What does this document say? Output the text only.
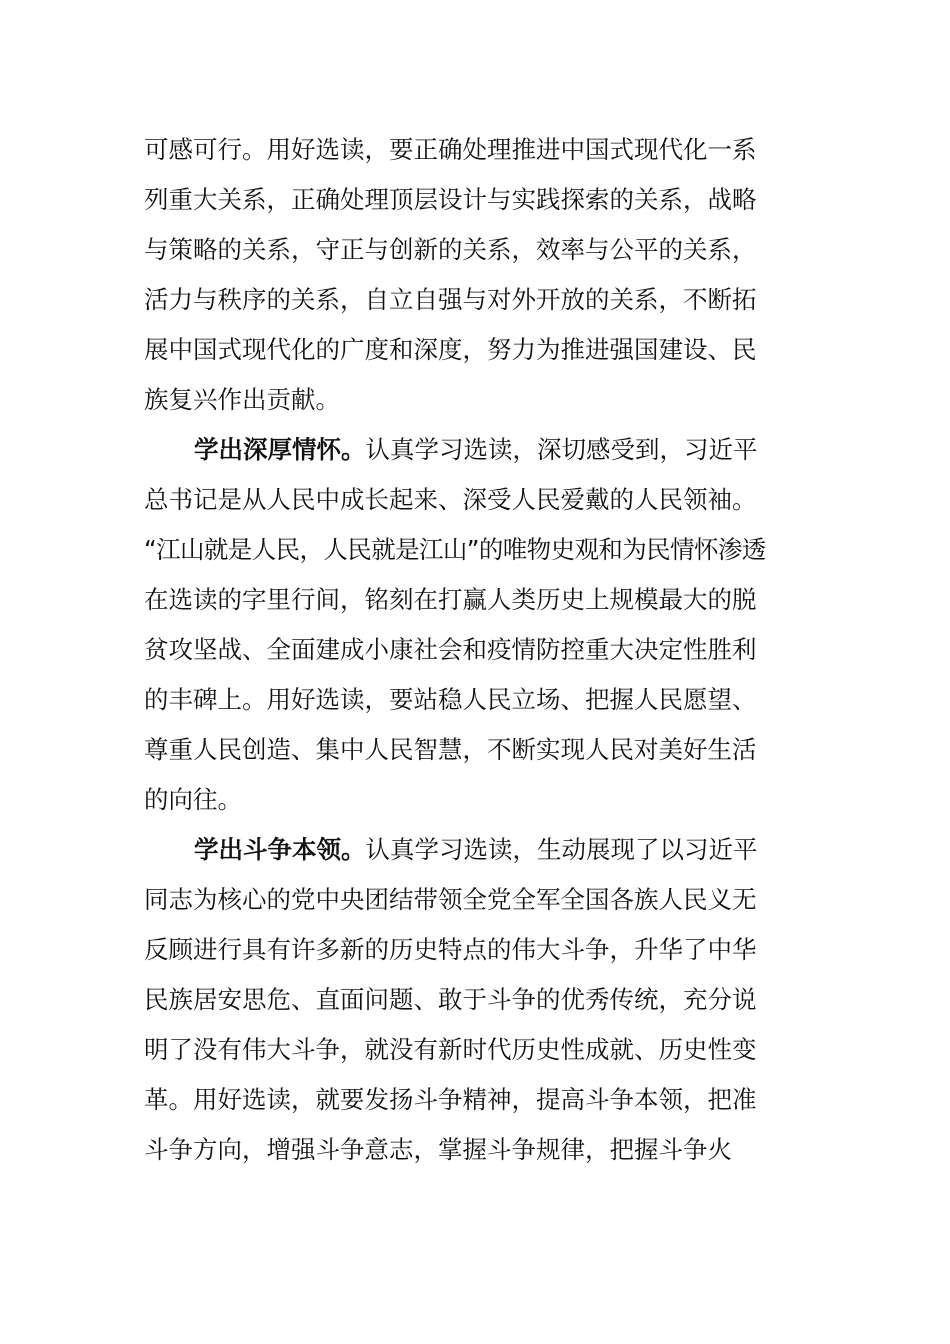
可感可行。用好选读，要正确处理推进中国式现代化一系
列重大关系，正确处理顶层设计与实践探索的关系，战略
与策略的关系，守正与创新的关系，效率与公平的关系，
活力与秩序的关系，自立自强与对外开放的关系，不断拓
展中国式现代化的广度和深度，努力为推进强国建设、民
族复兴作出贡献。
学出深厚情怀。认真学习选读，深切感受到，习近平
总书记是从人民中成长起来、深受人民爱戴的人民领袖。
“江山就是人民，人民就是江山”的唯物史观和为民情怀渗透
在选读的字里行间，铭刻在打赢人类历史上规模最大的脱
贫攻坚战、全面建成小康社会和疫情防控重大决定性胜利
的丰碑上。用好选读，要站稳人民立场、把握人民愿望、
尊重人民创造、集中人民智慧，不断实现人民对美好生活
的向往。
学出斗争本领。认真学习选读，生动展现了以习近平
同志为核心的党中央团结带领全党全军全国各族人民义无
反顾进行具有许多新的历史特点的伟大斗争，升华了中华
民族居安思危、直面问题、敢于斗争的优秀传统，充分说
明了没有伟大斗争，就没有新时代历史性成就、历史性变
革。用好选读，就要发扬斗争精神，提高斗争本领，把准
斗争方向，增强斗争意志，掌握斗争规律，把握斗争火
